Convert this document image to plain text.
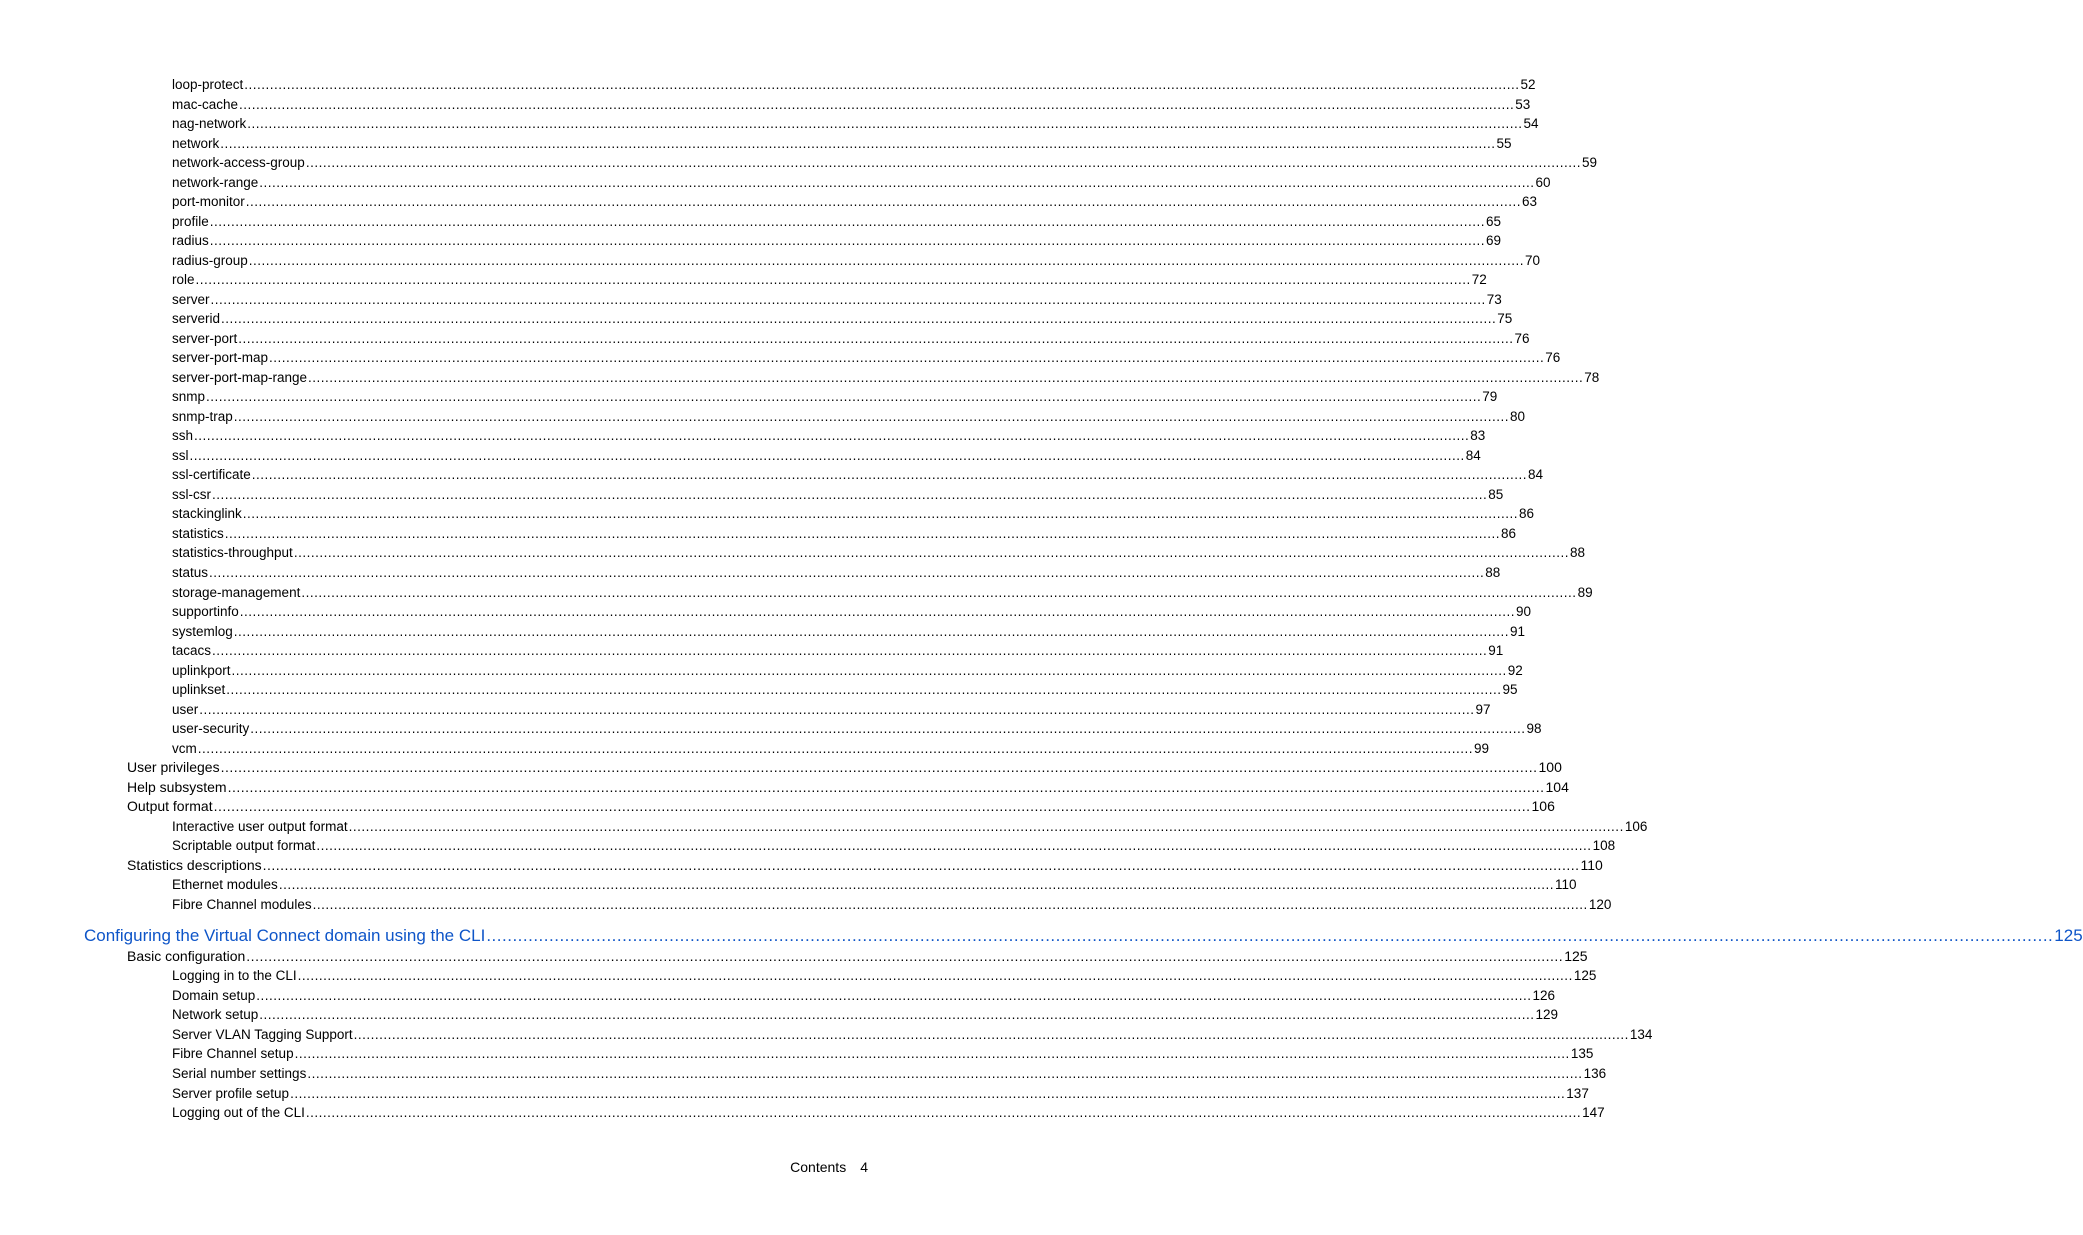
loop-protect ............................................................................................................................................................................................................................................................................................................ 52
mac-cache ............................................................................................................................................................................................................................................................................................................ 53
nag-network ............................................................................................................................................................................................................................................................................................................ 54
network ............................................................................................................................................................................................................................................................................................................ 55
network-access-group ............................................................................................................................................................................................................................................................................................................ 59
network-range ............................................................................................................................................................................................................................................................................................................ 60
port-monitor ............................................................................................................................................................................................................................................................................................................ 63
profile ............................................................................................................................................................................................................................................................................................................ 65
radius ............................................................................................................................................................................................................................................................................................................ 69
radius-group ............................................................................................................................................................................................................................................................................................................ 70
role ............................................................................................................................................................................................................................................................................................................ 72
server ............................................................................................................................................................................................................................................................................................................ 73
serverid ............................................................................................................................................................................................................................................................................................................ 75
server-port ............................................................................................................................................................................................................................................................................................................ 76
server-port-map ............................................................................................................................................................................................................................................................................................................ 76
server-port-map-range ............................................................................................................................................................................................................................................................................................................ 78
snmp ............................................................................................................................................................................................................................................................................................................ 79
snmp-trap ............................................................................................................................................................................................................................................................................................................ 80
ssh ............................................................................................................................................................................................................................................................................................................ 83
ssl ............................................................................................................................................................................................................................................................................................................ 84
ssl-certificate ............................................................................................................................................................................................................................................................................................................ 84
ssl-csr ............................................................................................................................................................................................................................................................................................................ 85
stackinglink ............................................................................................................................................................................................................................................................................................................ 86
statistics ............................................................................................................................................................................................................................................................................................................ 86
statistics-throughput ............................................................................................................................................................................................................................................................................................................ 88
status ............................................................................................................................................................................................................................................................................................................ 88
storage-management ............................................................................................................................................................................................................................................................................................................ 89
supportinfo ............................................................................................................................................................................................................................................................................................................ 90
systemlog ............................................................................................................................................................................................................................................................................................................ 91
tacacs ............................................................................................................................................................................................................................................................................................................ 91
uplinkport ............................................................................................................................................................................................................................................................................................................ 92
uplinkset ............................................................................................................................................................................................................................................................................................................ 95
user ............................................................................................................................................................................................................................................................................................................ 97
user-security ............................................................................................................................................................................................................................................................................................................ 98
vcm ............................................................................................................................................................................................................................................................................................................ 99
User privileges ............................................................................................................................................................................................................................................................................................................ 100
Help subsystem ............................................................................................................................................................................................................................................................................................................ 104
Output format ............................................................................................................................................................................................................................................................................................................ 106
Interactive user output format ............................................................................................................................................................................................................................................................................................................ 106
Scriptable output format ............................................................................................................................................................................................................................................................................................................ 108
Statistics descriptions ............................................................................................................................................................................................................................................................................................................ 110
Ethernet modules ............................................................................................................................................................................................................................................................................................................ 110
Fibre Channel modules ............................................................................................................................................................................................................................................................................................................ 120
Configuring the Virtual Connect domain using the CLI ............................................................................................................................................................................................................................................................................................................ 125
Basic configuration ............................................................................................................................................................................................................................................................................................................ 125
Logging in to the CLI ............................................................................................................................................................................................................................................................................................................ 125
Domain setup ............................................................................................................................................................................................................................................................................................................ 126
Network setup ............................................................................................................................................................................................................................................................................................................ 129
Server VLAN Tagging Support ............................................................................................................................................................................................................................................................................................................ 134
Fibre Channel setup ............................................................................................................................................................................................................................................................................................................ 135
Serial number settings ............................................................................................................................................................................................................................................................................................................ 136
Server profile setup ............................................................................................................................................................................................................................................................................................................ 137
Logging out of the CLI ............................................................................................................................................................................................................................................................................................................ 147
Contents 4
